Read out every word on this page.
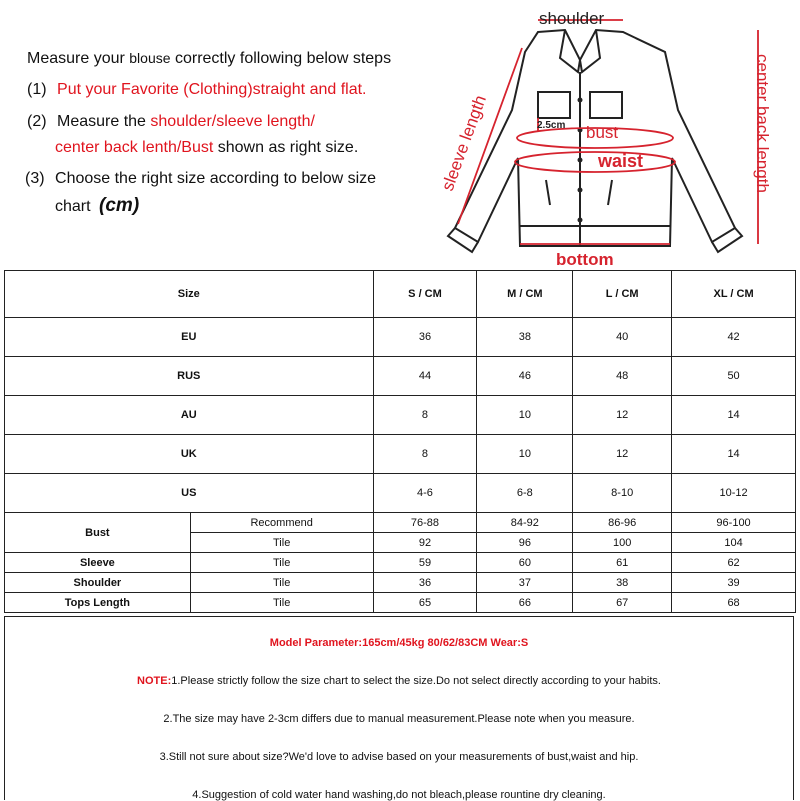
Measure your blouse correctly following below steps
(1) Put your Favorite (Clothing)straight and flat.
(2) Measure the shoulder/sleeve length/
center back lenth/Bust shown as right size.
(3) Choose the right size according to below size
chart (cm)
shoulder
sleeve length	center back length
bust
waist
bottom
2.5cm
Size		S / CM	M / CM	L / CM	XL / CM
EU		36	38	40	42
RUS		44	46	48	50
AU		8	10	12	14
UK		8	10	12	14
US		4-6	6-8	8-10	10-12
Bust	Recommend	76-88	84-92	86-96	96-100
	Tile	92	96	100	104
Sleeve	Tile	59	60	61	62
Shoulder	Tile	36	37	38	39
Tops Length	Tile	65	66	67	68
Model Parameter:165cm/45kg 80/62/83CM Wear:S
NOTE:1.Please strictly follow the size chart to select the size.Do not select directly according to your habits.
2.The size may have 2-3cm differs due to manual measurement.Please note when you measure.
3.Still not sure about size?We'd love to advise based on your measurements of bust,waist and hip.
4.Suggestion of cold water hand washing,do not bleach,please rountine dry cleaning.
